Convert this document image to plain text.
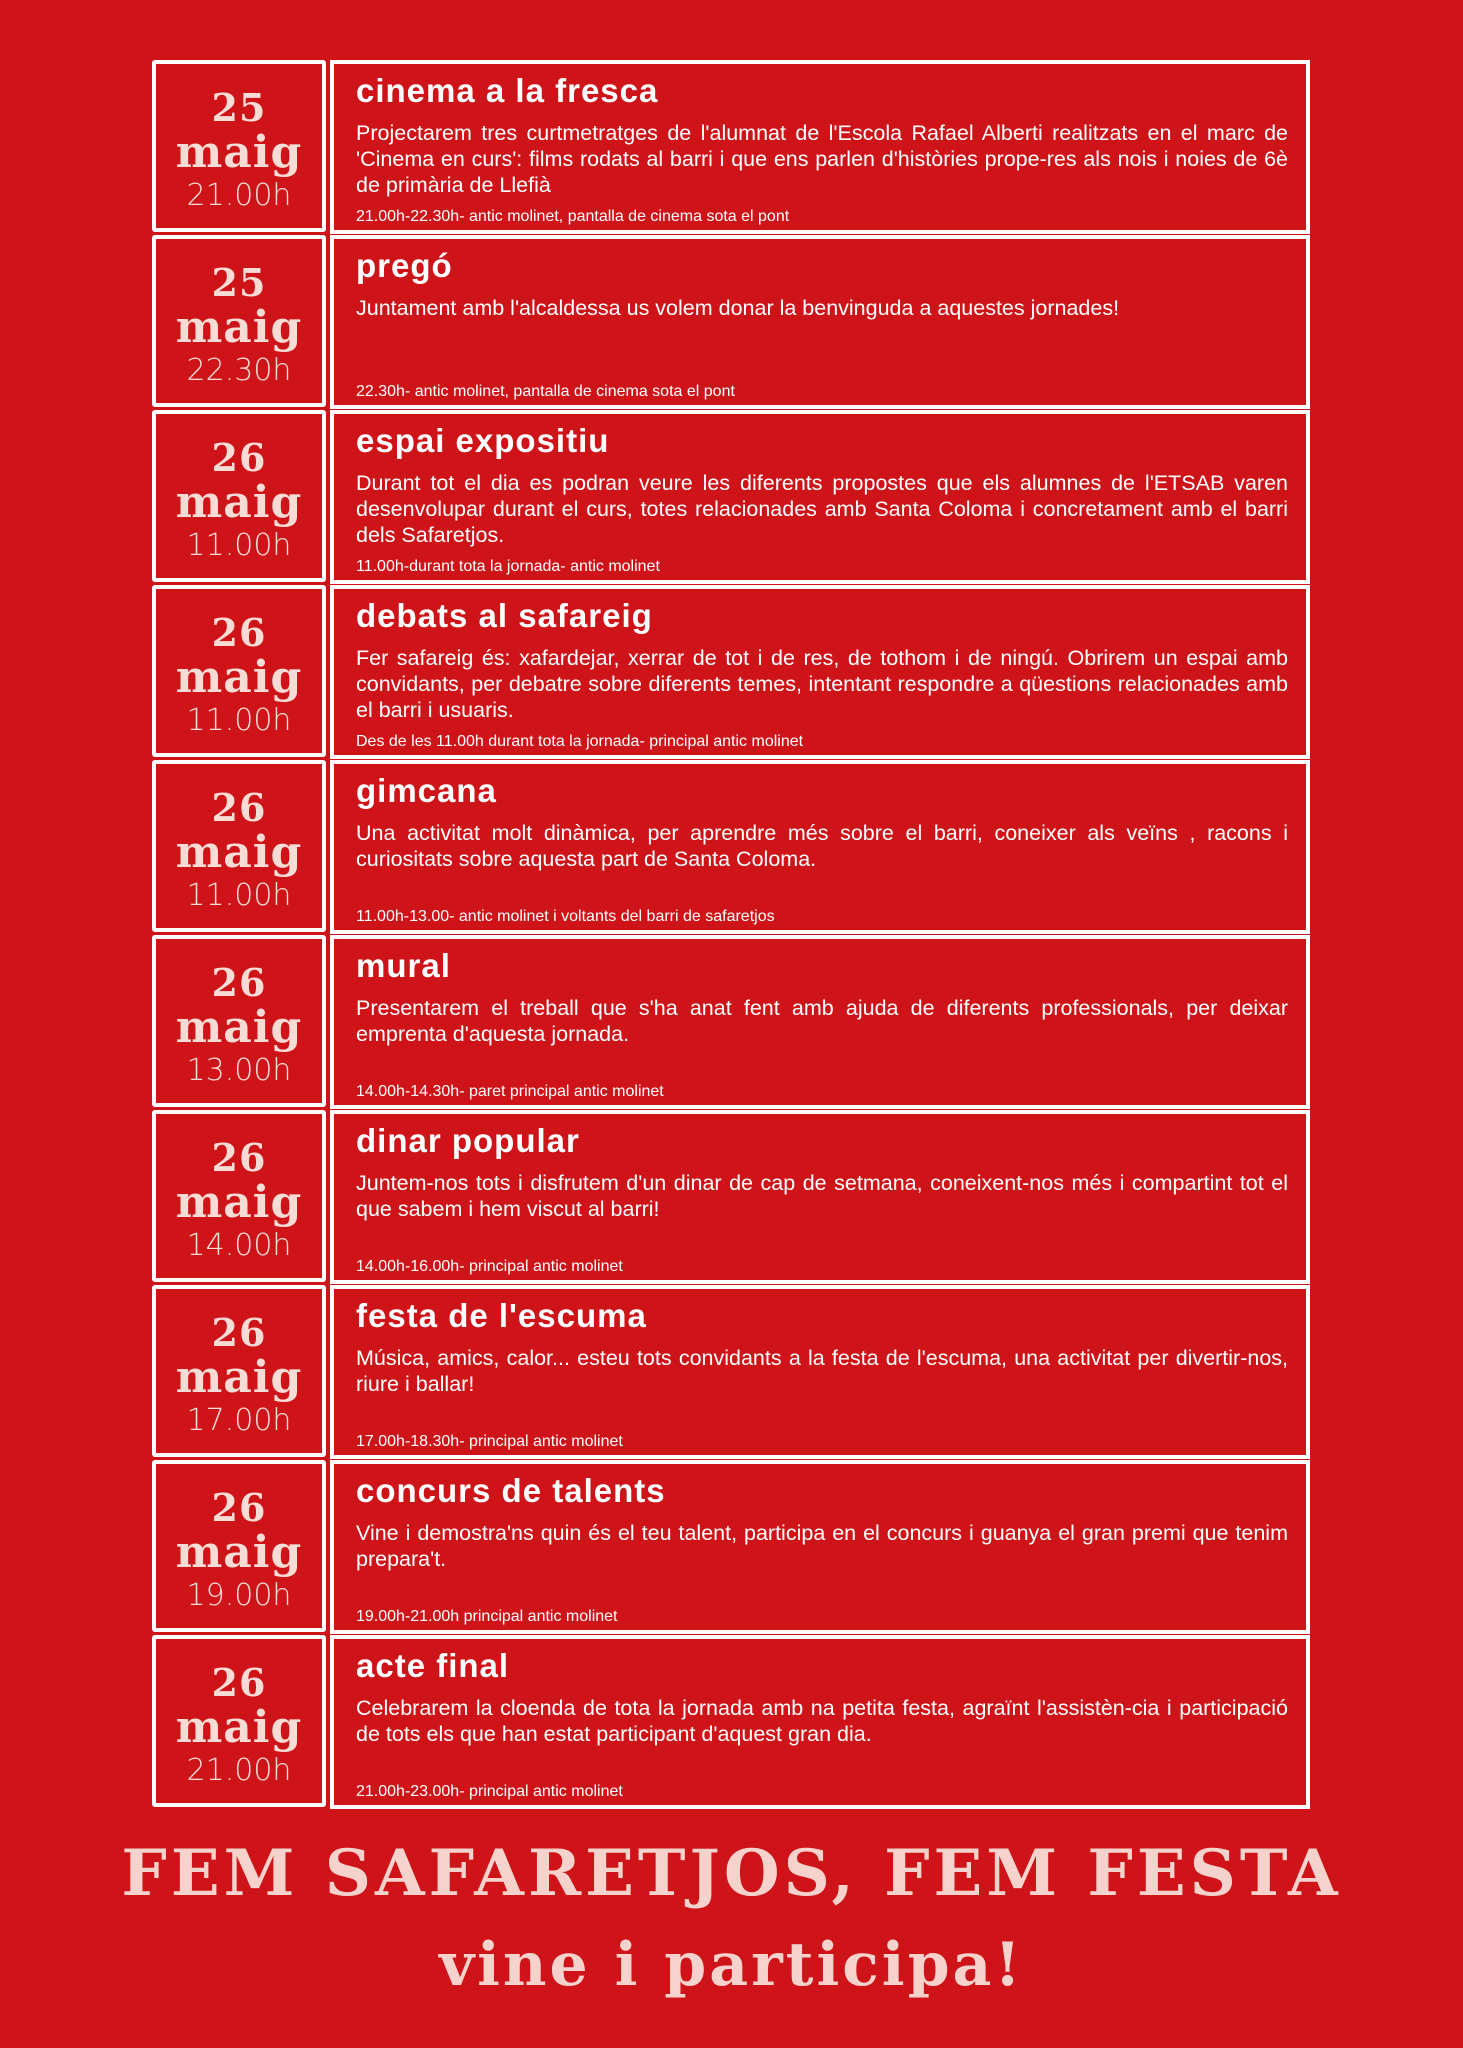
25
maig
21.00h
cinema a la fresca
Projectarem tres curtmetratges de l'alumnat de l'Escola Rafael Alberti realitzats en el marc de 'Cinema en curs': films rodats al barri i que ens parlen d'històries prope-res als nois i noies de 6è de primària de Llefià
21.00h-22.30h- antic molinet, pantalla de cinema sota el pont
25
maig
22.30h
pregó
Juntament amb l'alcaldessa us volem donar la benvinguda a aquestes jornades!
22.30h- antic molinet, pantalla de cinema sota el pont
26
maig
11.00h
espai expositiu
Durant tot el dia es podran veure les diferents propostes que els alumnes de l'ETSAB varen desenvolupar durant el curs, totes relacionades amb Santa Coloma i concretament amb el barri dels Safaretjos.
11.00h-durant tota la jornada- antic molinet
26
maig
11.00h
debats al safareig
Fer safareig és: xafardejar, xerrar de tot i de res, de tothom i de ningú. Obrirem un espai amb convidants, per debatre sobre diferents temes, intentant respondre a qüestions relacionades amb el barri i usuaris.
Des de les 11.00h durant tota la jornada- principal antic molinet
26
maig
11.00h
gimcana
Una activitat molt dinàmica, per aprendre més sobre el barri, coneixer als veïns , racons i curiositats sobre aquesta part de Santa Coloma.
11.00h-13.00- antic molinet i voltants del barri de safaretjos
26
maig
13.00h
mural
Presentarem el treball que s'ha anat fent amb ajuda de diferents professionals, per deixar emprenta d'aquesta jornada.
14.00h-14.30h- paret principal antic molinet
26
maig
14.00h
dinar popular
Juntem-nos tots i disfrutem d'un dinar de cap de setmana, coneixent-nos més i compartint tot el que sabem i hem viscut al barri!
14.00h-16.00h- principal antic molinet
26
maig
17.00h
festa de l'escuma
Música, amics, calor... esteu tots convidants a la festa de l'escuma, una activitat per divertir-nos, riure i ballar!
17.00h-18.30h- principal antic molinet
26
maig
19.00h
concurs de talents
Vine i demostra'ns quin és el teu talent, participa en el concurs i guanya el gran premi que tenim prepara't.
19.00h-21.00h principal antic molinet
26
maig
21.00h
acte final
Celebrarem la cloenda de tota la jornada amb na petita festa, agraïnt l'assistèn-cia i participació de tots els que han estat participant d'aquest gran dia.
21.00h-23.00h- principal antic molinet
FEM SAFARETJOS, FEM FESTA
vine i participa!
